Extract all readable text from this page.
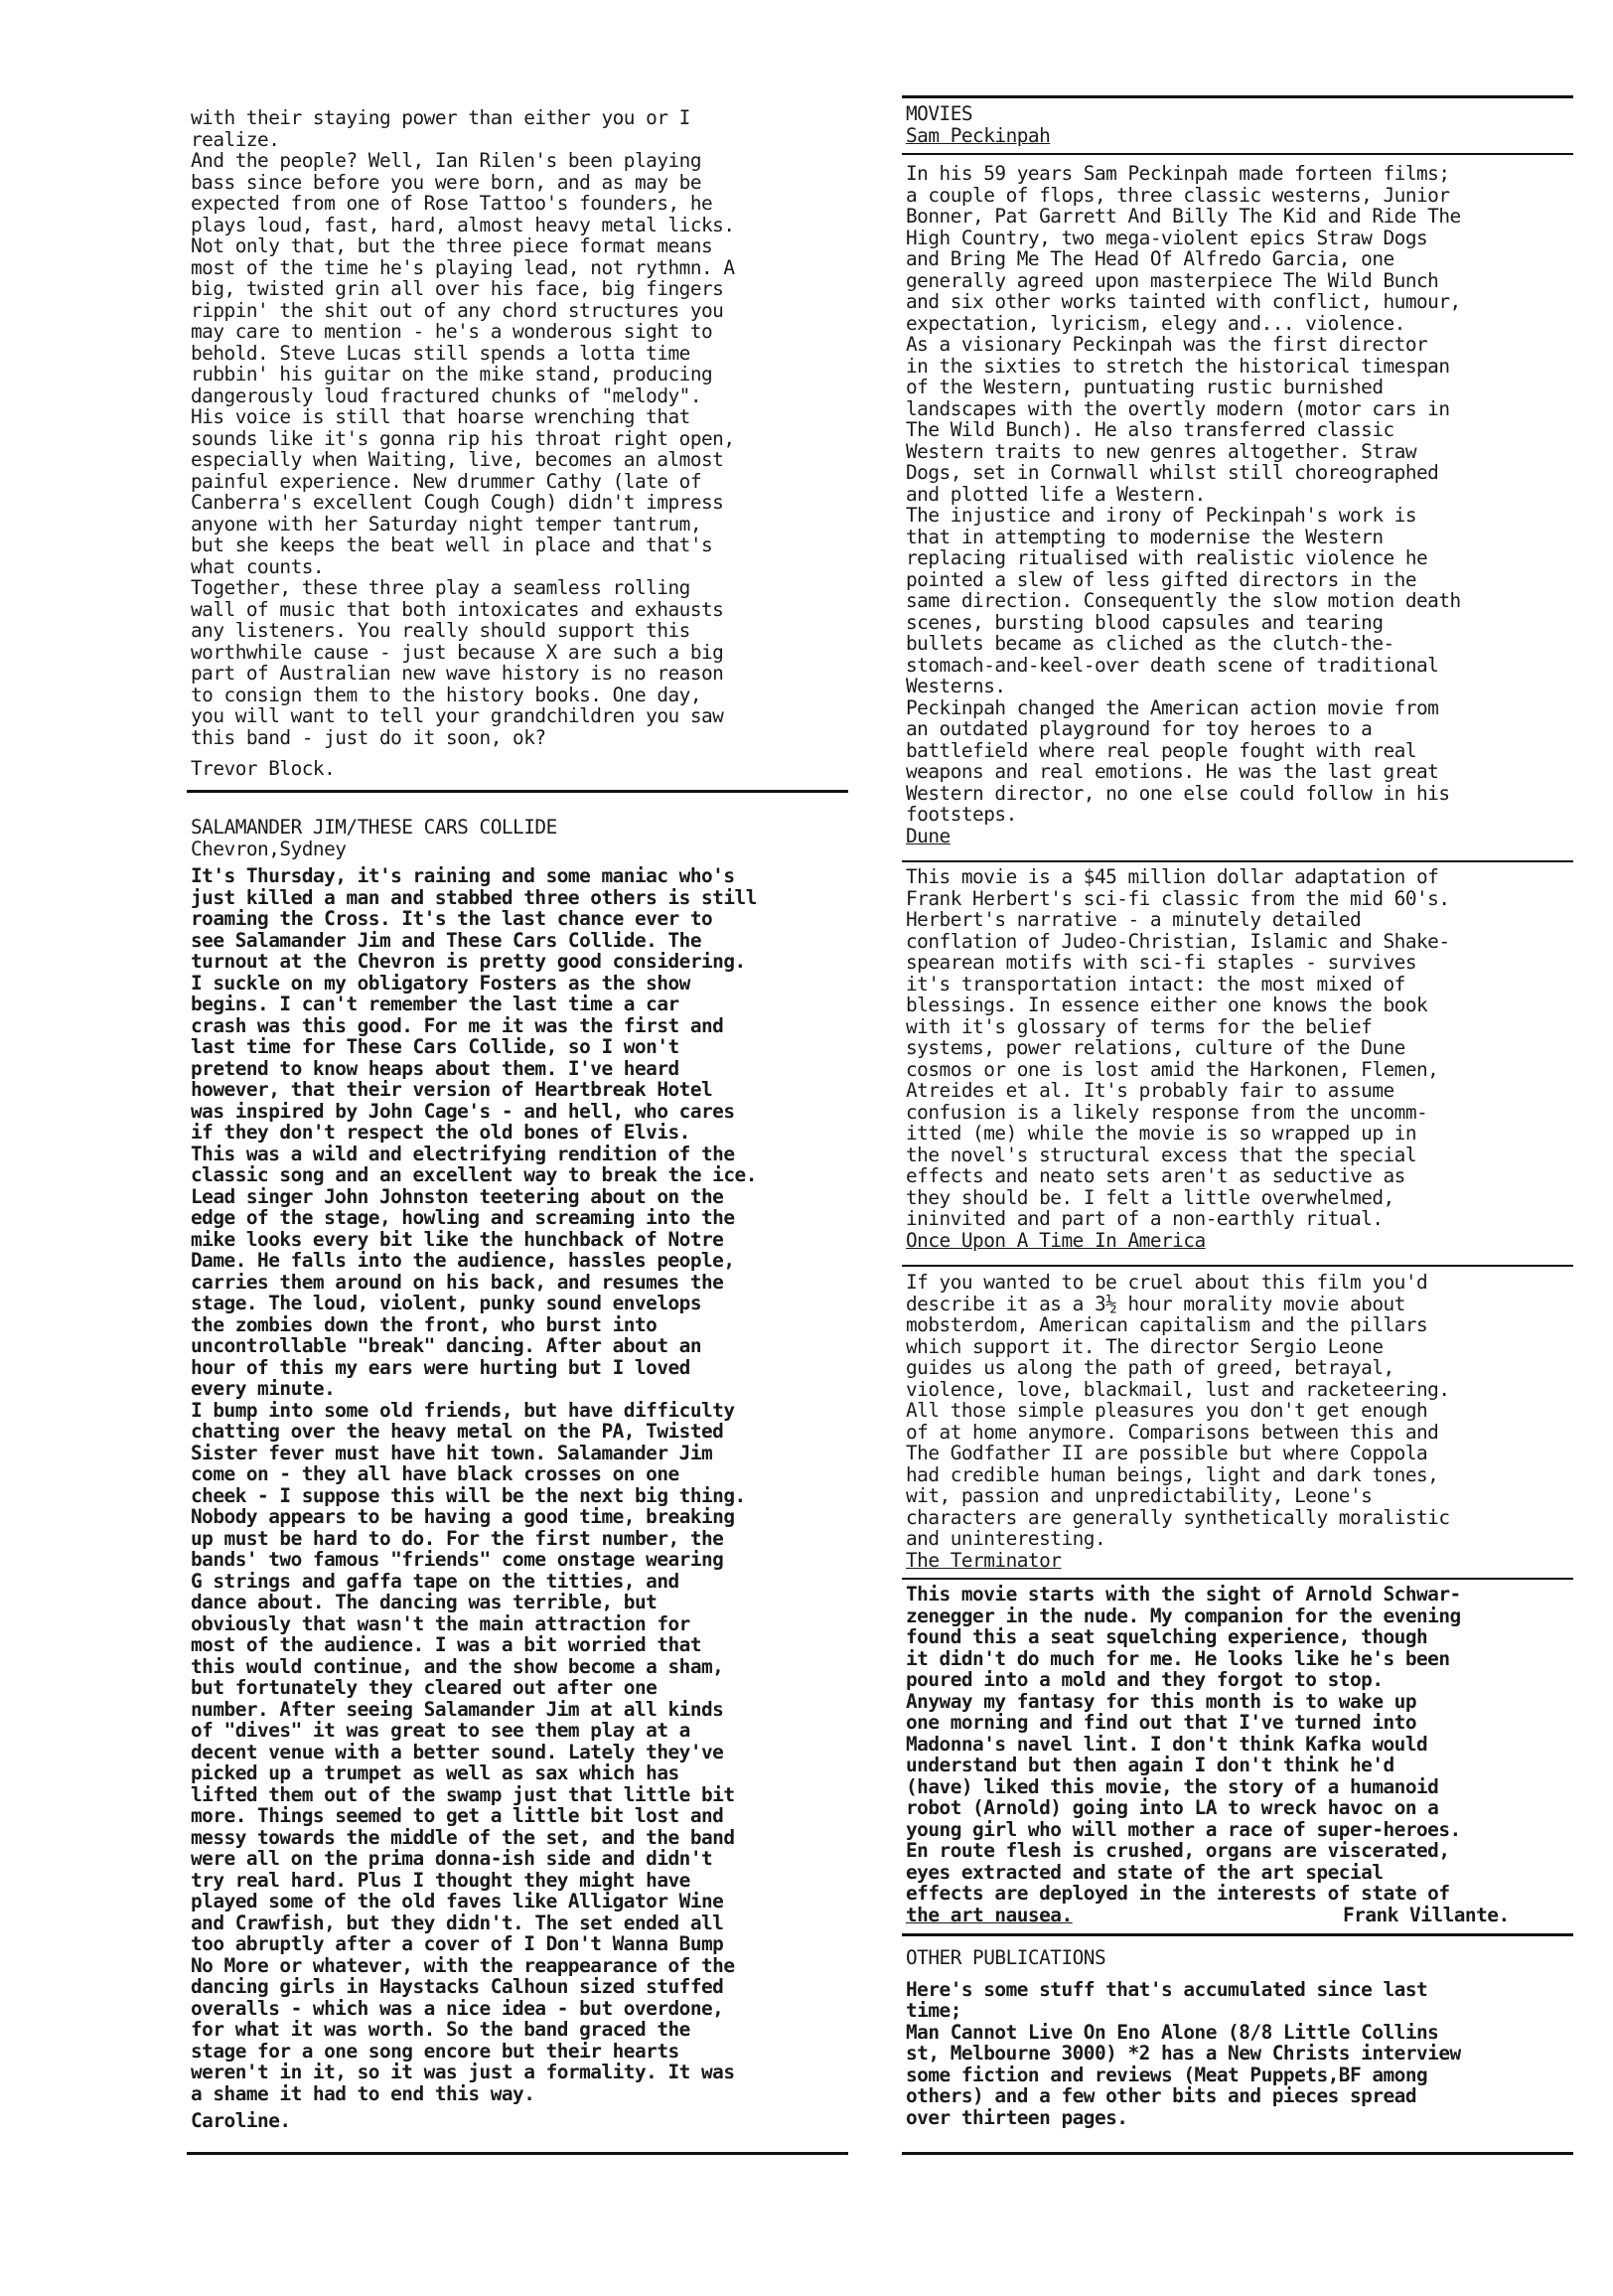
with their staying power than either you or I

realize.

And the people? Well, Ian Rilen's been playing

bass since before you were born, and as may be

expected from one of Rose Tattoo's founders, he

plays loud, fast, hard, almost heavy metal licks.

Not only that, but the three piece format means

most of the time he's playing lead, not rythmn. A

big, twisted grin all over his face, big fingers

rippin' the shit out of any chord structures you

may care to mention - he's a wonderous sight to

behold. Steve Lucas still spends a lotta time

rubbin' his guitar on the mike stand, producing

dangerously loud fractured chunks of "melody".

His voice is still that hoarse wrenching that

sounds like it's gonna rip his throat right open,

especially when Waiting, live, becomes an almost

painful experience. New drummer Cathy (late of

Canberra's excellent Cough Cough) didn't impress

anyone with her Saturday night temper tantrum,

but she keeps the beat well in place and that's

what counts.

Together, these three play a seamless rolling

wall of music that both intoxicates and exhausts

any listeners. You really should support this

worthwhile cause - just because X are such a big

part of Australian new wave history is no reason

to consign them to the history books. One day,

you will want to tell your grandchildren you saw

this band - just do it soon, ok?

Trevor Block.

SALAMANDER JIM/THESE CARS COLLIDE

Chevron,Sydney

It's Thursday, it's raining and some maniac who's

just killed a man and stabbed three others is still

roaming the Cross. It's the last chance ever to

see Salamander Jim and These Cars Collide. The

turnout at the Chevron is pretty good considering.

I suckle on my obligatory Fosters as the show

begins. I can't remember the last time a car

crash was this good. For me it was the first and

last time for These Cars Collide, so I won't

pretend to know heaps about them. I've heard

however, that their version of Heartbreak Hotel

was inspired by John Cage's - and hell, who cares

if they don't respect the old bones of Elvis.

This was a wild and electrifying rendition of the

classic song and an excellent way to break the ice.

Lead singer John Johnston teetering about on the

edge of the stage, howling and screaming into the

mike looks every bit like the hunchback of Notre

Dame. He falls into the audience, hassles people,

carries them around on his back, and resumes the

stage. The loud, violent, punky sound envelops

the zombies down the front, who burst into

uncontrollable "break" dancing. After about an

hour of this my ears were hurting but I loved

every minute.

I bump into some old friends, but have difficulty

chatting over the heavy metal on the PA, Twisted

Sister fever must have hit town. Salamander Jim

come on - they all have black crosses on one

cheek - I suppose this will be the next big thing.

Nobody appears to be having a good time, breaking

up must be hard to do. For the first number, the

bands' two famous "friends" come onstage wearing

G strings and gaffa tape on the titties, and

dance about. The dancing was terrible, but

obviously that wasn't the main attraction for

most of the audience. I was a bit worried that

this would continue, and the show become a sham,

but fortunately they cleared out after one

number. After seeing Salamander Jim at all kinds

of "dives" it was great to see them play at a

decent venue with a better sound. Lately they've

picked up a trumpet as well as sax which has

lifted them out of the swamp just that little bit

more. Things seemed to get a little bit lost and

messy towards the middle of the set, and the band

were all on the prima donna-ish side and didn't

try real hard. Plus I thought they might have

played some of the old faves like Alligator Wine

and Crawfish, but they didn't. The set ended all

too abruptly after a cover of I Don't Wanna Bump

No More or whatever, with the reappearance of the

dancing girls in Haystacks Calhoun sized stuffed

overalls - which was a nice idea - but overdone,

for what it was worth. So the band graced the

stage for a one song encore but their hearts

weren't in it, so it was just a formality. It was

a shame it had to end this way.

Caroline.

MOVIES

Sam Peckinpah

In his 59 years Sam Peckinpah made forteen films;

a couple of flops, three classic westerns, Junior

Bonner, Pat Garrett And Billy The Kid and Ride The

High Country, two mega-violent epics Straw Dogs

and Bring Me The Head Of Alfredo Garcia, one

generally agreed upon masterpiece The Wild Bunch

and six other works tainted with conflict, humour,

expectation, lyricism, elegy and... violence.

As a visionary Peckinpah was the first director

in the sixties to stretch the historical timespan

of the Western, puntuating rustic burnished

landscapes with the overtly modern (motor cars in

The Wild Bunch). He also transferred classic

Western traits to new genres altogether. Straw

Dogs, set in Cornwall whilst still choreographed

and plotted life a Western.

The injustice and irony of Peckinpah's work is

that in attempting to modernise the Western

replacing ritualised with realistic violence he

pointed a slew of less gifted directors in the

same direction. Consequently the slow motion death

scenes, bursting blood capsules and tearing

bullets became as cliched as the clutch-the-

stomach-and-keel-over death scene of traditional

Westerns.

Peckinpah changed the American action movie from

an outdated playground for toy heroes to a

battlefield where real people fought with real

weapons and real emotions. He was the last great

Western director, no one else could follow in his

footsteps.

Dune

This movie is a $45 million dollar adaptation of

Frank Herbert's sci-fi classic from the mid 60's.

Herbert's narrative - a minutely detailed

conflation of Judeo-Christian, Islamic and Shake-

spearean motifs with sci-fi staples - survives

it's transportation intact: the most mixed of

blessings. In essence either one knows the book

with it's glossary of terms for the belief

systems, power relations, culture of the Dune

cosmos or one is lost amid the Harkonen, Flemen,

Atreides et al. It's probably fair to assume

confusion is a likely response from the uncomm-

itted (me) while the movie is so wrapped up in

the novel's structural excess that the special

effects and neato sets aren't as seductive as

they should be. I felt a little overwhelmed,

ininvited and part of a non-earthly ritual.

Once Upon A Time In America

If you wanted to be cruel about this film you'd

describe it as a 3½ hour morality movie about

mobsterdom, American capitalism and the pillars

which support it. The director Sergio Leone

guides us along the path of greed, betrayal,

violence, love, blackmail, lust and racketeering.

All those simple pleasures you don't get enough

of at home anymore. Comparisons between this and

The Godfather II are possible but where Coppola

had credible human beings, light and dark tones,

wit, passion and unpredictability, Leone's

characters are generally synthetically moralistic

and uninteresting.

The Terminator

This movie starts with the sight of Arnold Schwar-

zenegger in the nude. My companion for the evening

found this a seat squelching experience, though

it didn't do much for me. He looks like he's been

poured into a mold and they forgot to stop.

Anyway my fantasy for this month is to wake up

one morning and find out that I've turned into

Madonna's navel lint. I don't think Kafka would

understand but then again I don't think he'd

(have) liked this movie, the story of a humanoid

robot (Arnold) going into LA to wreck havoc on a

young girl who will mother a race of super-heroes.

En route flesh is crushed, organs are viscerated,

eyes extracted and state of the art special

effects are deployed in the interests of state of

the art nausea.	Frank Villante.

OTHER PUBLICATIONS

Here's some stuff that's accumulated since last

time;

Man Cannot Live On Eno Alone (8/8 Little Collins

st, Melbourne 3000) *2 has a New Christs interview

some fiction and reviews (Meat Puppets,BF among

others) and a few other bits and pieces spread

over thirteen pages.
